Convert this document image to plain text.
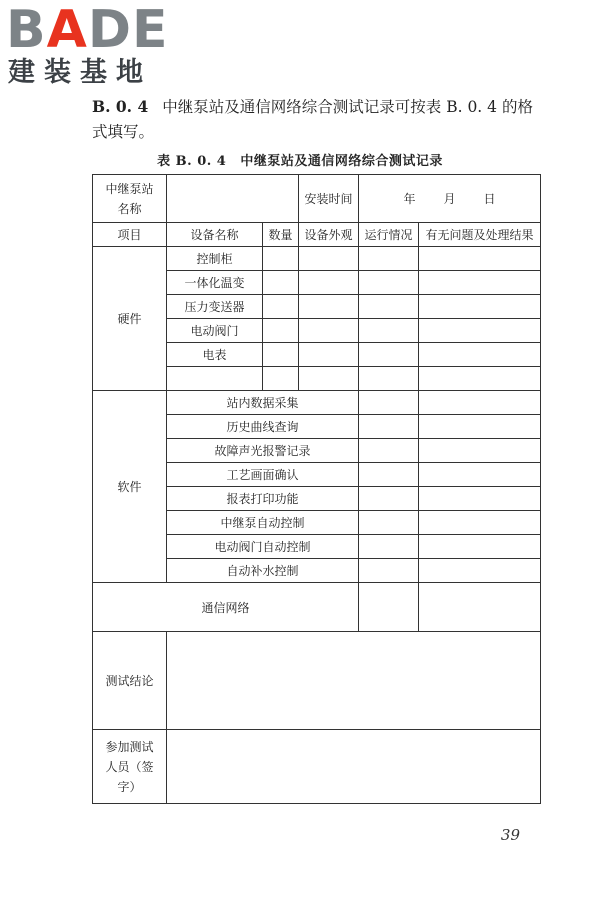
BADE
建装基地
B. 0. 4 中继泵站及通信网络综合测试记录可按表 B. 0. 4 的格式填写。
表 B. 0. 4 中继泵站及通信网络综合测试记录
中继泵站名称			安装时间	年 月 日	
项目	设备名称	数量	设备外观	运行情况	有无问题及处理结果
硬件	控制柜				
	一体化温变				
	压力变送器				
	电动阀门				
	电表				

软件	站内数据采集				
	历史曲线查询				
	故障声光报警记录				
	工艺画面确认				
	报表打印功能				
	中继泵自动控制				
	电动阀门自动控制				
	自动补水控制				
通信网络					
测试结论					
参加测试人员（签字）					
39
